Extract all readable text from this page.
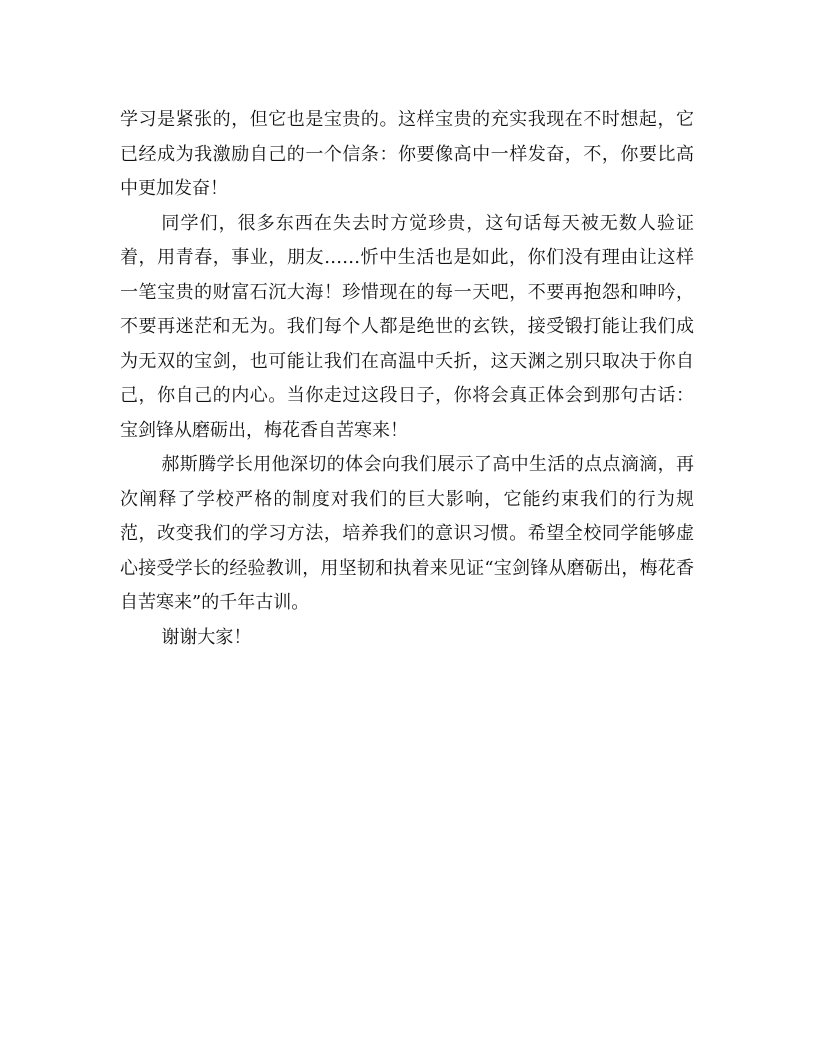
学习是紧张的，但它也是宝贵的。这样宝贵的充实我现在不时想起，它已经成为我激励自己的一个信条：你要像高中一样发奋，不，你要比高中更加发奋！

同学们，很多东西在失去时方觉珍贵，这句话每天被无数人验证着，用青春，事业，朋友……忻中生活也是如此，你们没有理由让这样一笔宝贵的财富石沉大海！珍惜现在的每一天吧，不要再抱怨和呻吟，不要再迷茫和无为。我们每个人都是绝世的玄铁，接受锻打能让我们成为无双的宝剑，也可能让我们在高温中夭折，这天渊之别只取决于你自己，你自己的内心。当你走过这段日子，你将会真正体会到那句古话：宝剑锋从磨砺出，梅花香自苦寒来！

郝斯腾学长用他深切的体会向我们展示了高中生活的点点滴滴，再次阐释了学校严格的制度对我们的巨大影响，它能约束我们的行为规范，改变我们的学习方法，培养我们的意识习惯。希望全校同学能够虚心接受学长的经验教训，用坚韧和执着来见证“宝剑锋从磨砺出，梅花香自苦寒来”的千年古训。

谢谢大家！
